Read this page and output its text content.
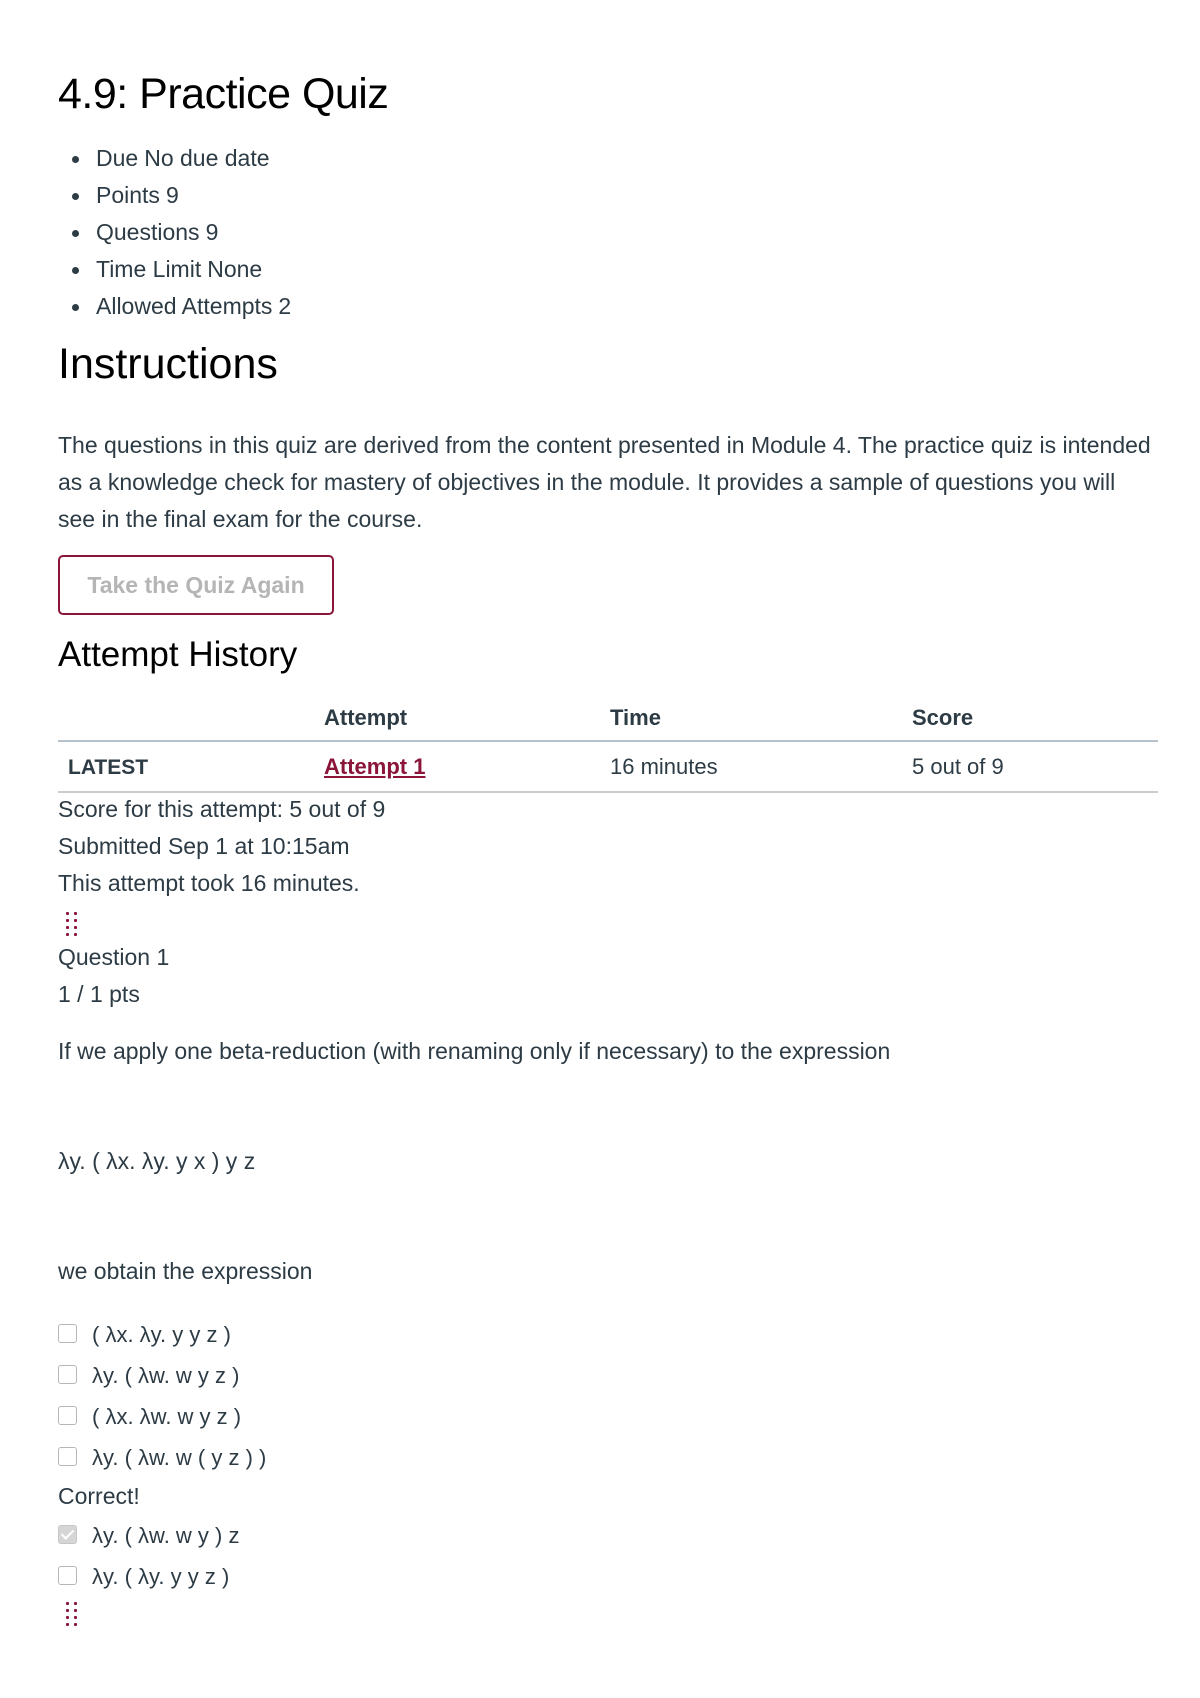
4.9: Practice Quiz
Due No due date
Points 9
Questions 9
Time Limit None
Allowed Attempts 2
Instructions

The questions in this quiz are derived from the content presented in Module 4. The practice quiz is intended as a knowledge check for mastery of objectives in the module. It provides a sample of questions you will see in the final exam for the course.

Take the Quiz Again
Attempt History
	Attempt	Time	Score
LATEST	Attempt 1	16 minutes	5 out of 9
Score for this attempt: 5 out of 9
Submitted Sep 1 at 10:15am
This attempt took 16 minutes.
Question 1
1 / 1 pts
If we apply one beta-reduction (with renaming only if necessary) to the expression
λy. ( λx. λy. y x ) y z
we obtain the expression
( λx. λy. y y z )
λy. ( λw. w y z )
( λx. λw. w y z )
λy. ( λw. w ( y z ) )
Correct!
λy. ( λw. w y ) z
λy. ( λy. y y z )
